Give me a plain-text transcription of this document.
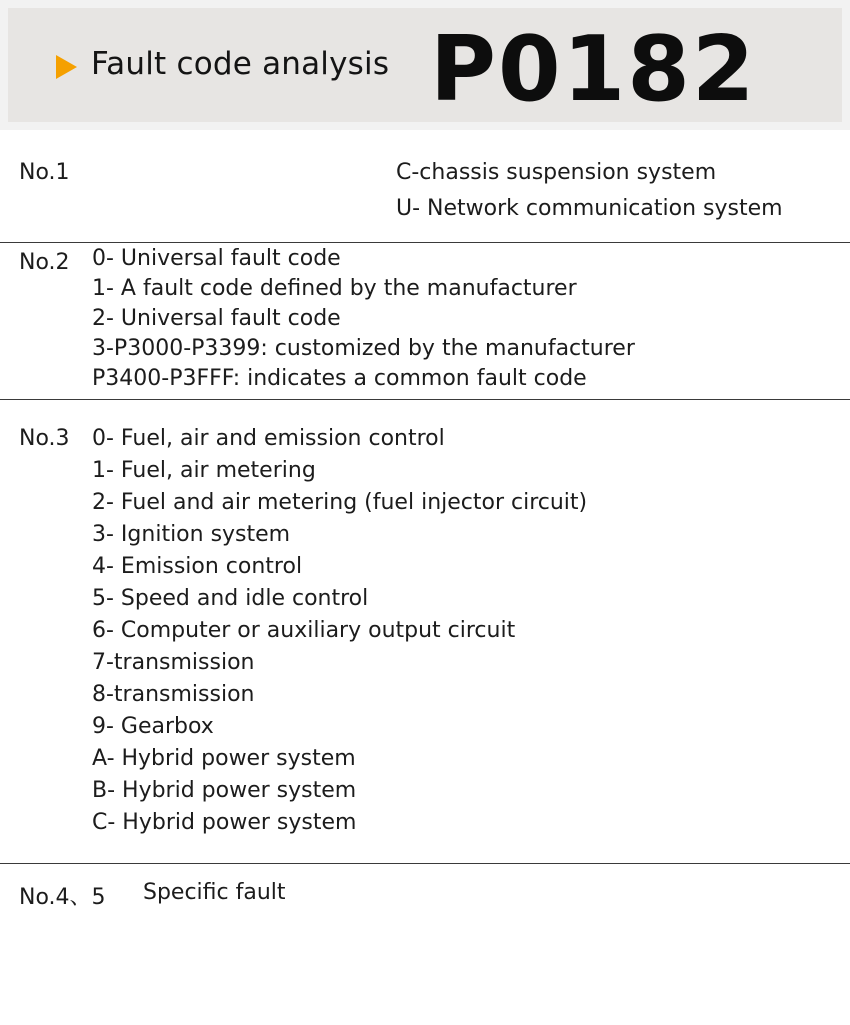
Fault code analysis P0182
No.1	C-chassis suspension system
U- Network communication system
No.2 0- Universal fault code
1- A fault code defined by the manufacturer
2- Universal fault code
3-P3000-P3399: customized by the manufacturer
P3400-P3FFF: indicates a common fault code
No.3 0- Fuel, air and emission control
1- Fuel, air metering
2- Fuel and air metering (fuel injector circuit)
3- Ignition system
4- Emission control
5- Speed and idle control
6- Computer or auxiliary output circuit
7-transmission
8-transmission
9- Gearbox
A- Hybrid power system
B- Hybrid power system
C- Hybrid power system
No.4、5 Specific fault
